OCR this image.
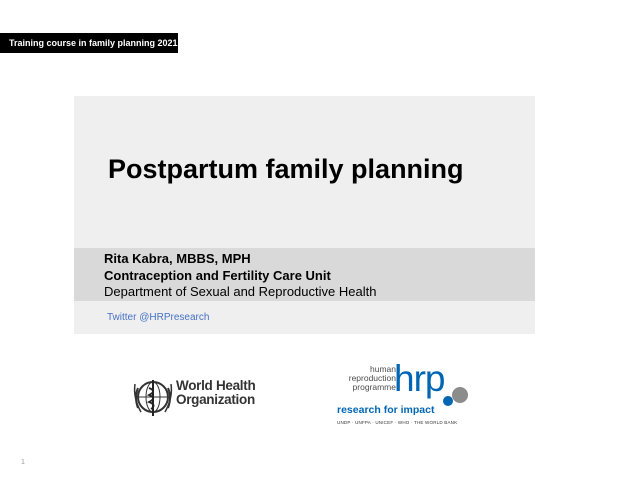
Training course in family planning 2021
Postpartum family planning
Rita Kabra, MBBS, MPH
Contraception and Fertility Care Unit
Department of Sexual and Reproductive Health
Twitter @HRPresearch
World Health
Organization
human
reproduction
programme
hrp
research for impact
UNDP · UNFPA · UNICEF · WHO · THE WORLD BANK
1
